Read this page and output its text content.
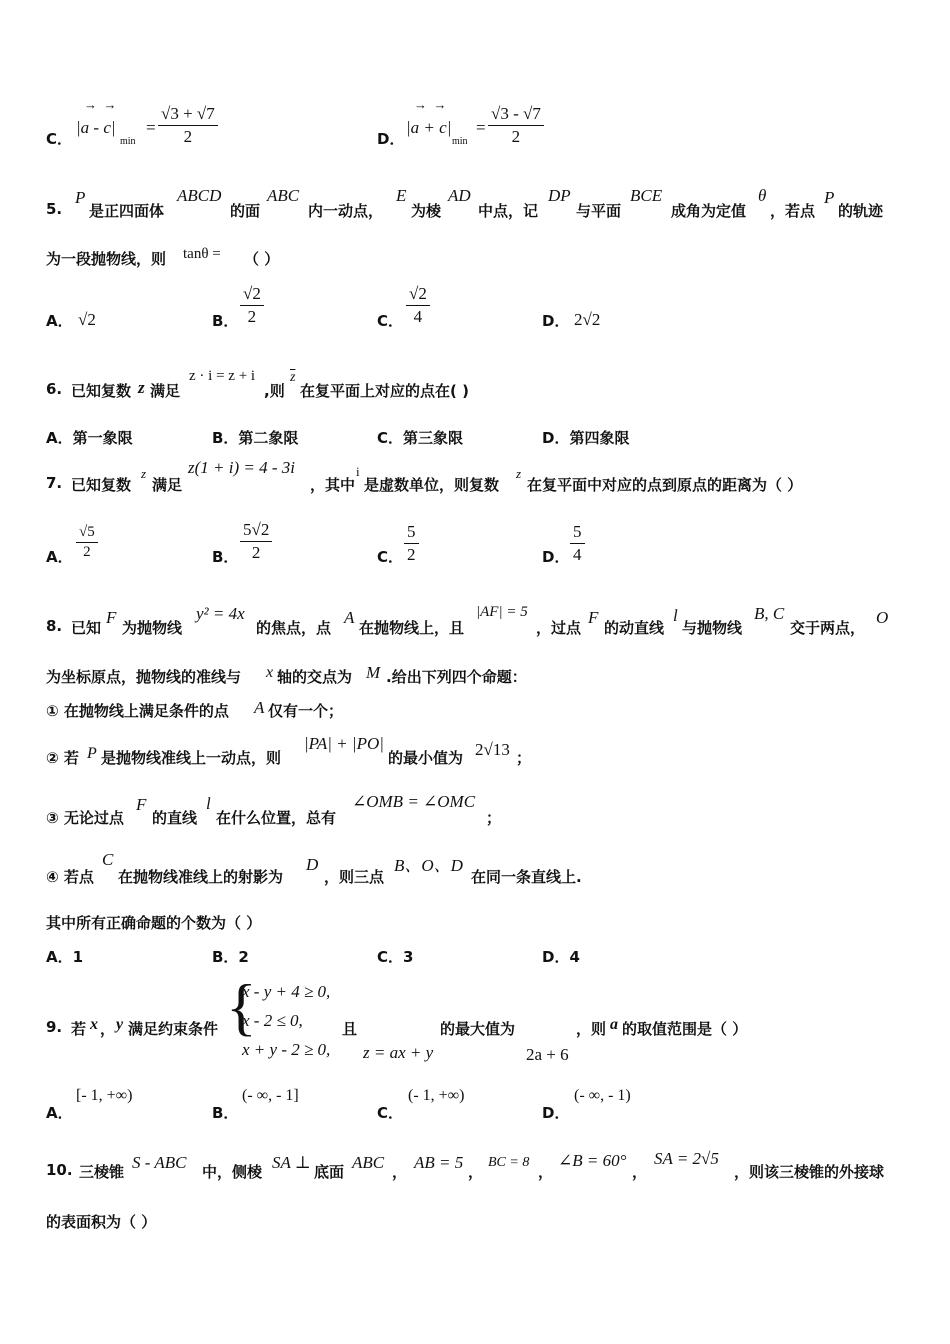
C．
|a - c|
→  →
min
= $\frac{√3 + √7}{2}$	D．
|a + c|
→  →
min
= $\frac{√3 - √7}{2}$
5.
P
是正四面体
ABCD
的面
ABC
内一动点，
E
为棱
AD
中点，记
DP
与平面
BCE
成角为定值
θ
，若点
P
的轨迹
为一段抛物线，则 tanθ = （ ）
A． √2	B． $\frac{√2}{2}$	C． $\frac{√2}{4}$	D． 2√2
6. 已知复数 z 满足
z · i = z + i
,则
$\overline{z}$
在复平面上对应的点在( )
A．第一象限	B．第二象限	C．第三象限	D．第四象限
7. 已知复数
z
满足
z(1 + i) = 4 - 3i
，其中
i
是虚数单位，则复数
z
在复平面中对应的点到原点的距离为（ ）
A． $\frac{√5}{2}$	B． $\frac{5√2}{2}$	C． $\frac{5}{2}$	D． $\frac{5}{4}$
8. 已知
F
为抛物线
y² = 4x
的焦点，点
A
在抛物线上，且
|AF| = 5
，过点
F
的动直线
l
与抛物线
B, C
交于两点，
O
为坐标原点，抛物线的准线与 x 轴的交点为 M .给出下列四个命题：
① 在抛物线上满足条件的点 A 仅有一个；
② 若 P 是抛物线准线上一动点，则
|PA| + |PO|
的最小值为 2√13 ；
③ 无论过点
F
的直线
l
在什么位置，总有
∠OMB = ∠OMC
；
④ 若点
C
在抛物线准线上的射影为
D
，则三点
B、O、D
在同一条直线上.
其中所有正确命题的个数为（ ）
A．1	B．2	C．3	D．4
9. 若 x ， y 满足约束条件 {
x - y + 4 ≥ 0,
x - 2 ≤ 0,
x + y - 2 ≥ 0,
且
z = ax + y
的最大值为
2a + 6
，则 a 的取值范围是（ ）
A．
[- 1, +∞)
B．
(- ∞, - 1]
C．
(- 1, +∞)
D．
(- ∞, - 1)
10. 三棱锥 S - ABC 中，侧棱 SA ⊥ 底面 ABC ， AB = 5 ，
BC = 8
，
∠B = 60°
，
SA = 2√5
，则该三棱锥的外接球
的表面积为（ ）
